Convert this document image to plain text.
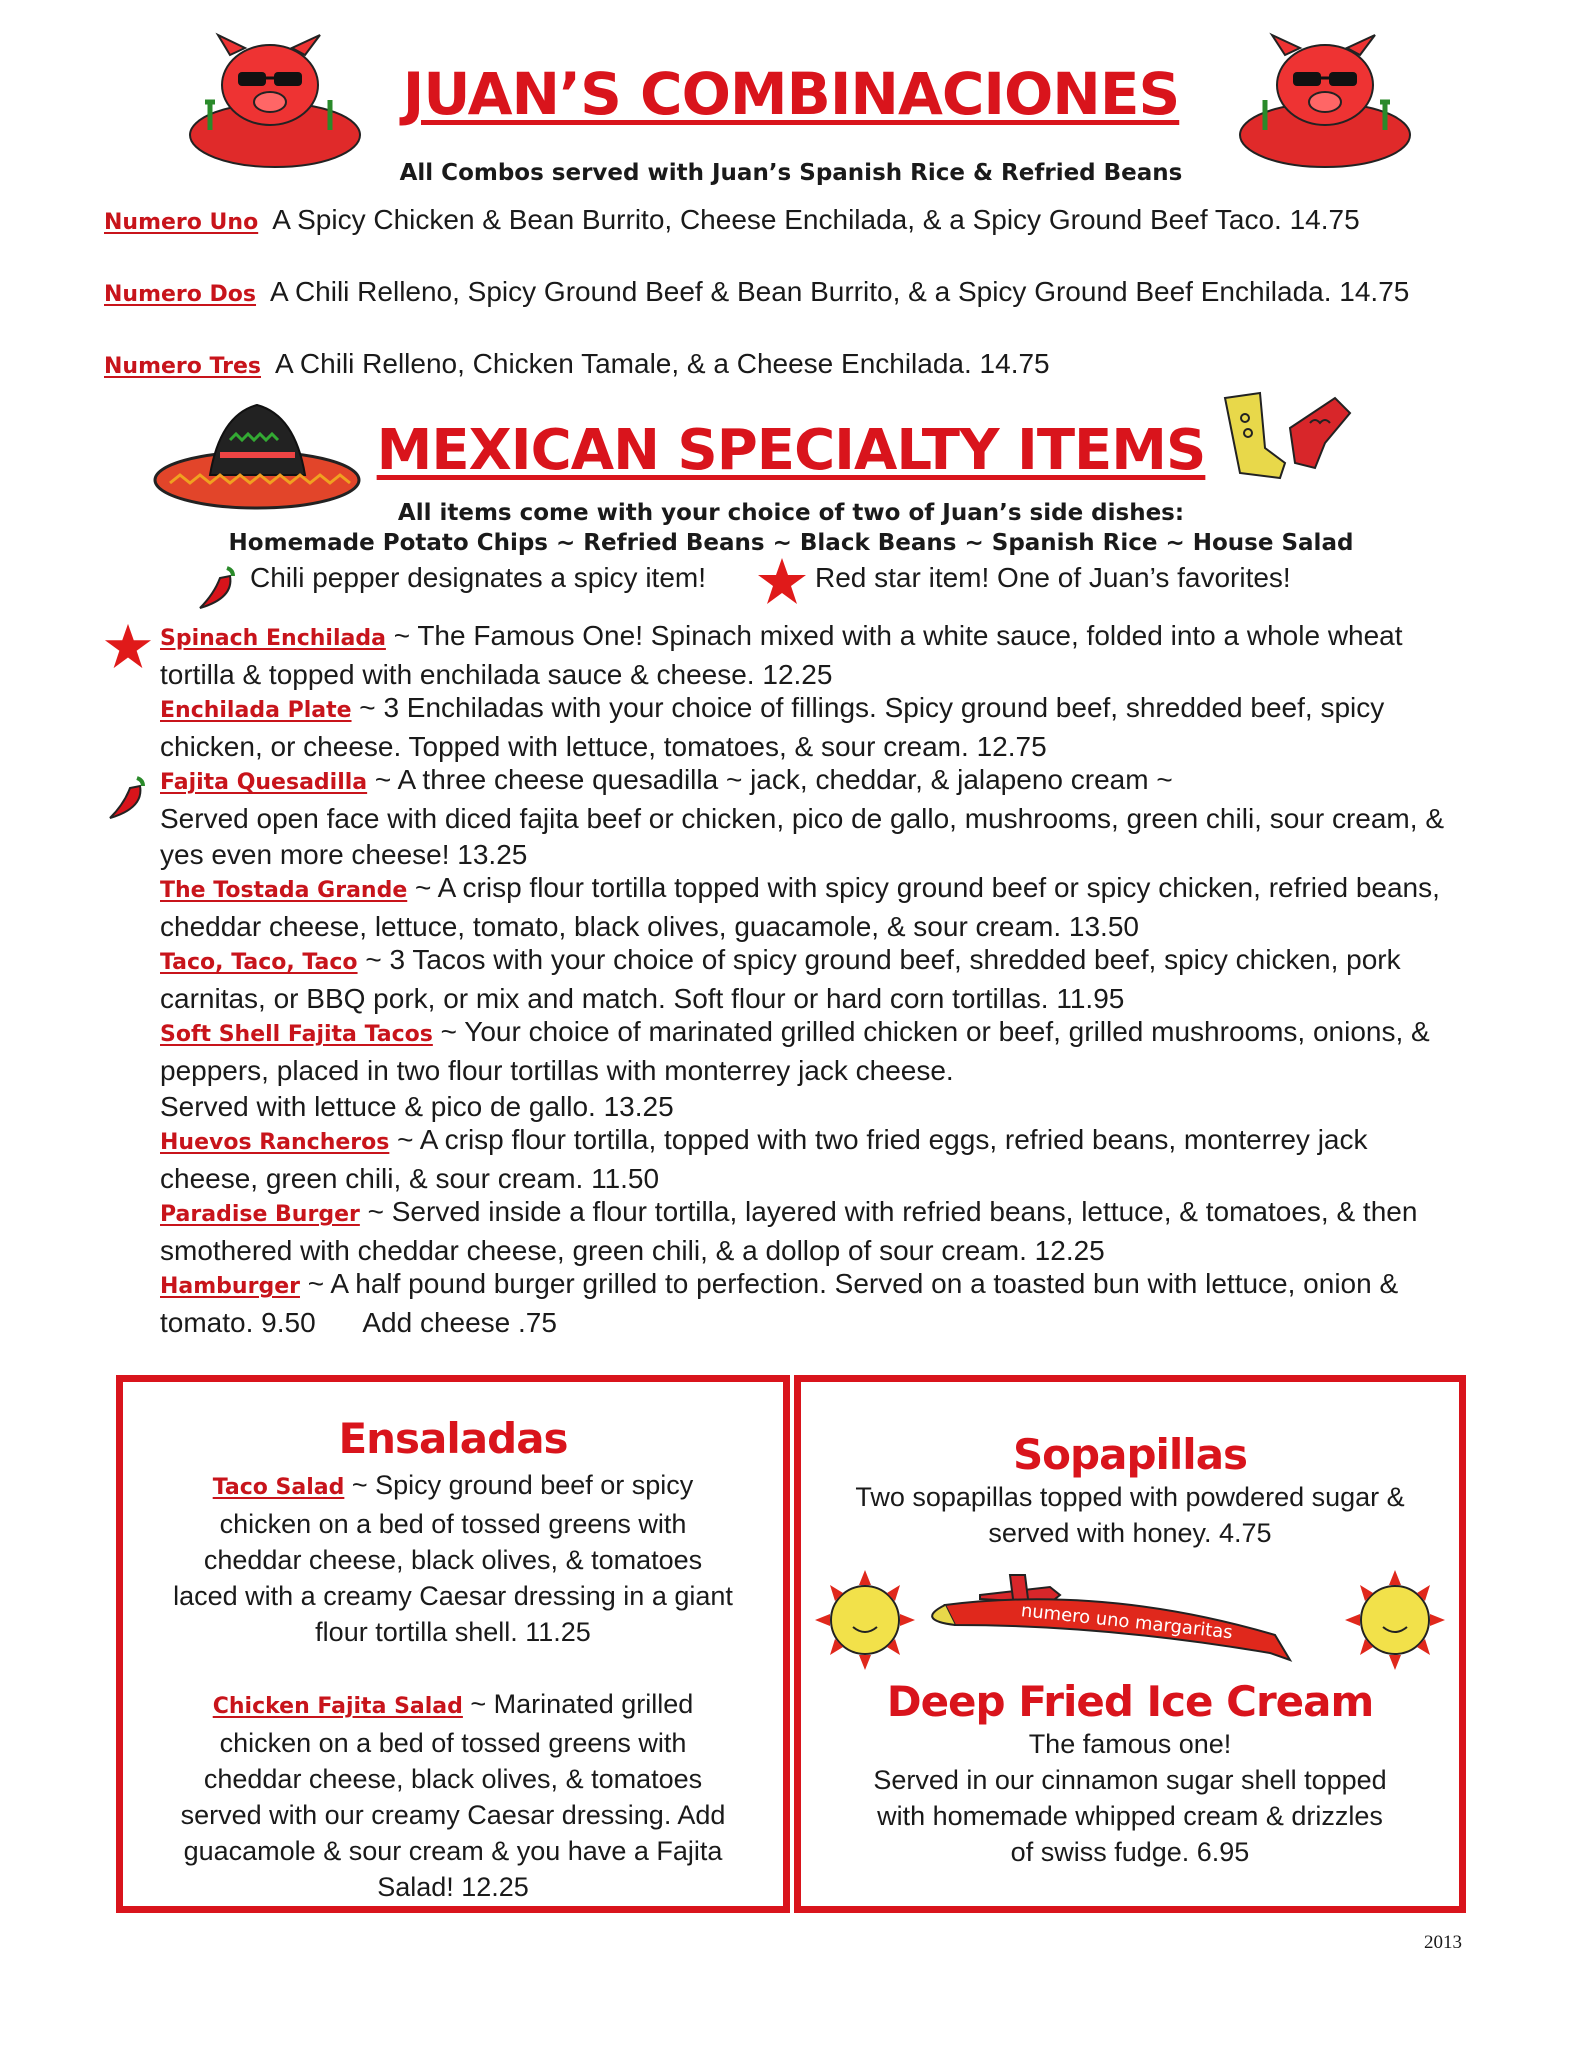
JUAN’S COMBINACIONES
All Combos served with Juan’s Spanish Rice & Refried Beans
Numero Uno A Spicy Chicken & Bean Burrito, Cheese Enchilada, & a Spicy Ground Beef Taco. 14.75
Numero Dos A Chili Relleno, Spicy Ground Beef & Bean Burrito, & a Spicy Ground Beef Enchilada. 14.75
Numero Tres A Chili Relleno, Chicken Tamale, & a Cheese Enchilada. 14.75
MEXICAN SPECIALTY ITEMS
All items come with your choice of two of Juan’s side dishes:
Homemade Potato Chips ~ Refried Beans ~ Black Beans ~ Spanish Rice ~ House Salad
Chili pepper designates a spicy item!	Red star item! One of Juan’s favorites!
Spinach Enchilada ~ The Famous One! Spinach mixed with a white sauce, folded into a whole wheat tortilla & topped with enchilada sauce & cheese. 12.25
Enchilada Plate ~ 3 Enchiladas with your choice of fillings. Spicy ground beef, shredded beef, spicy chicken, or cheese. Topped with lettuce, tomatoes, & sour cream. 12.75
Fajita Quesadilla ~ A three cheese quesadilla ~ jack, cheddar, & jalapeno cream ~
Served open face with diced fajita beef or chicken, pico de gallo, mushrooms, green chili, sour cream, & yes even more cheese! 13.25
The Tostada Grande ~ A crisp flour tortilla topped with spicy ground beef or spicy chicken, refried beans, cheddar cheese, lettuce, tomato, black olives, guacamole, & sour cream. 13.50
Taco, Taco, Taco ~ 3 Tacos with your choice of spicy ground beef, shredded beef, spicy chicken, pork carnitas, or BBQ pork, or mix and match. Soft flour or hard corn tortillas. 11.95
Soft Shell Fajita Tacos ~ Your choice of marinated grilled chicken or beef, grilled mushrooms, onions, & peppers, placed in two flour tortillas with monterrey jack cheese.
Served with lettuce & pico de gallo. 13.25
Huevos Rancheros ~ A crisp flour tortilla, topped with two fried eggs, refried beans, monterrey jack cheese, green chili, & sour cream. 11.50
Paradise Burger ~ Served inside a flour tortilla, layered with refried beans, lettuce, & tomatoes, & then smothered with cheddar cheese, green chili, & a dollop of sour cream. 12.25
Hamburger ~ A half pound burger grilled to perfection. Served on a toasted bun with lettuce, onion & tomato. 9.50 Add cheese .75
Ensaladas
Taco Salad ~ Spicy ground beef or spicy chicken on a bed of tossed greens with cheddar cheese, black olives, & tomatoes laced with a creamy Caesar dressing in a giant flour tortilla shell. 11.25
Chicken Fajita Salad ~ Marinated grilled chicken on a bed of tossed greens with cheddar cheese, black olives, & tomatoes served with our creamy Caesar dressing. Add guacamole & sour cream & you have a Fajita Salad! 12.25
Sopapillas
Two sopapillas topped with powdered sugar & served with honey. 4.75
numero uno margaritas
Deep Fried Ice Cream
The famous one!
Served in our cinnamon sugar shell topped with homemade whipped cream & drizzles of swiss fudge. 6.95
2013
